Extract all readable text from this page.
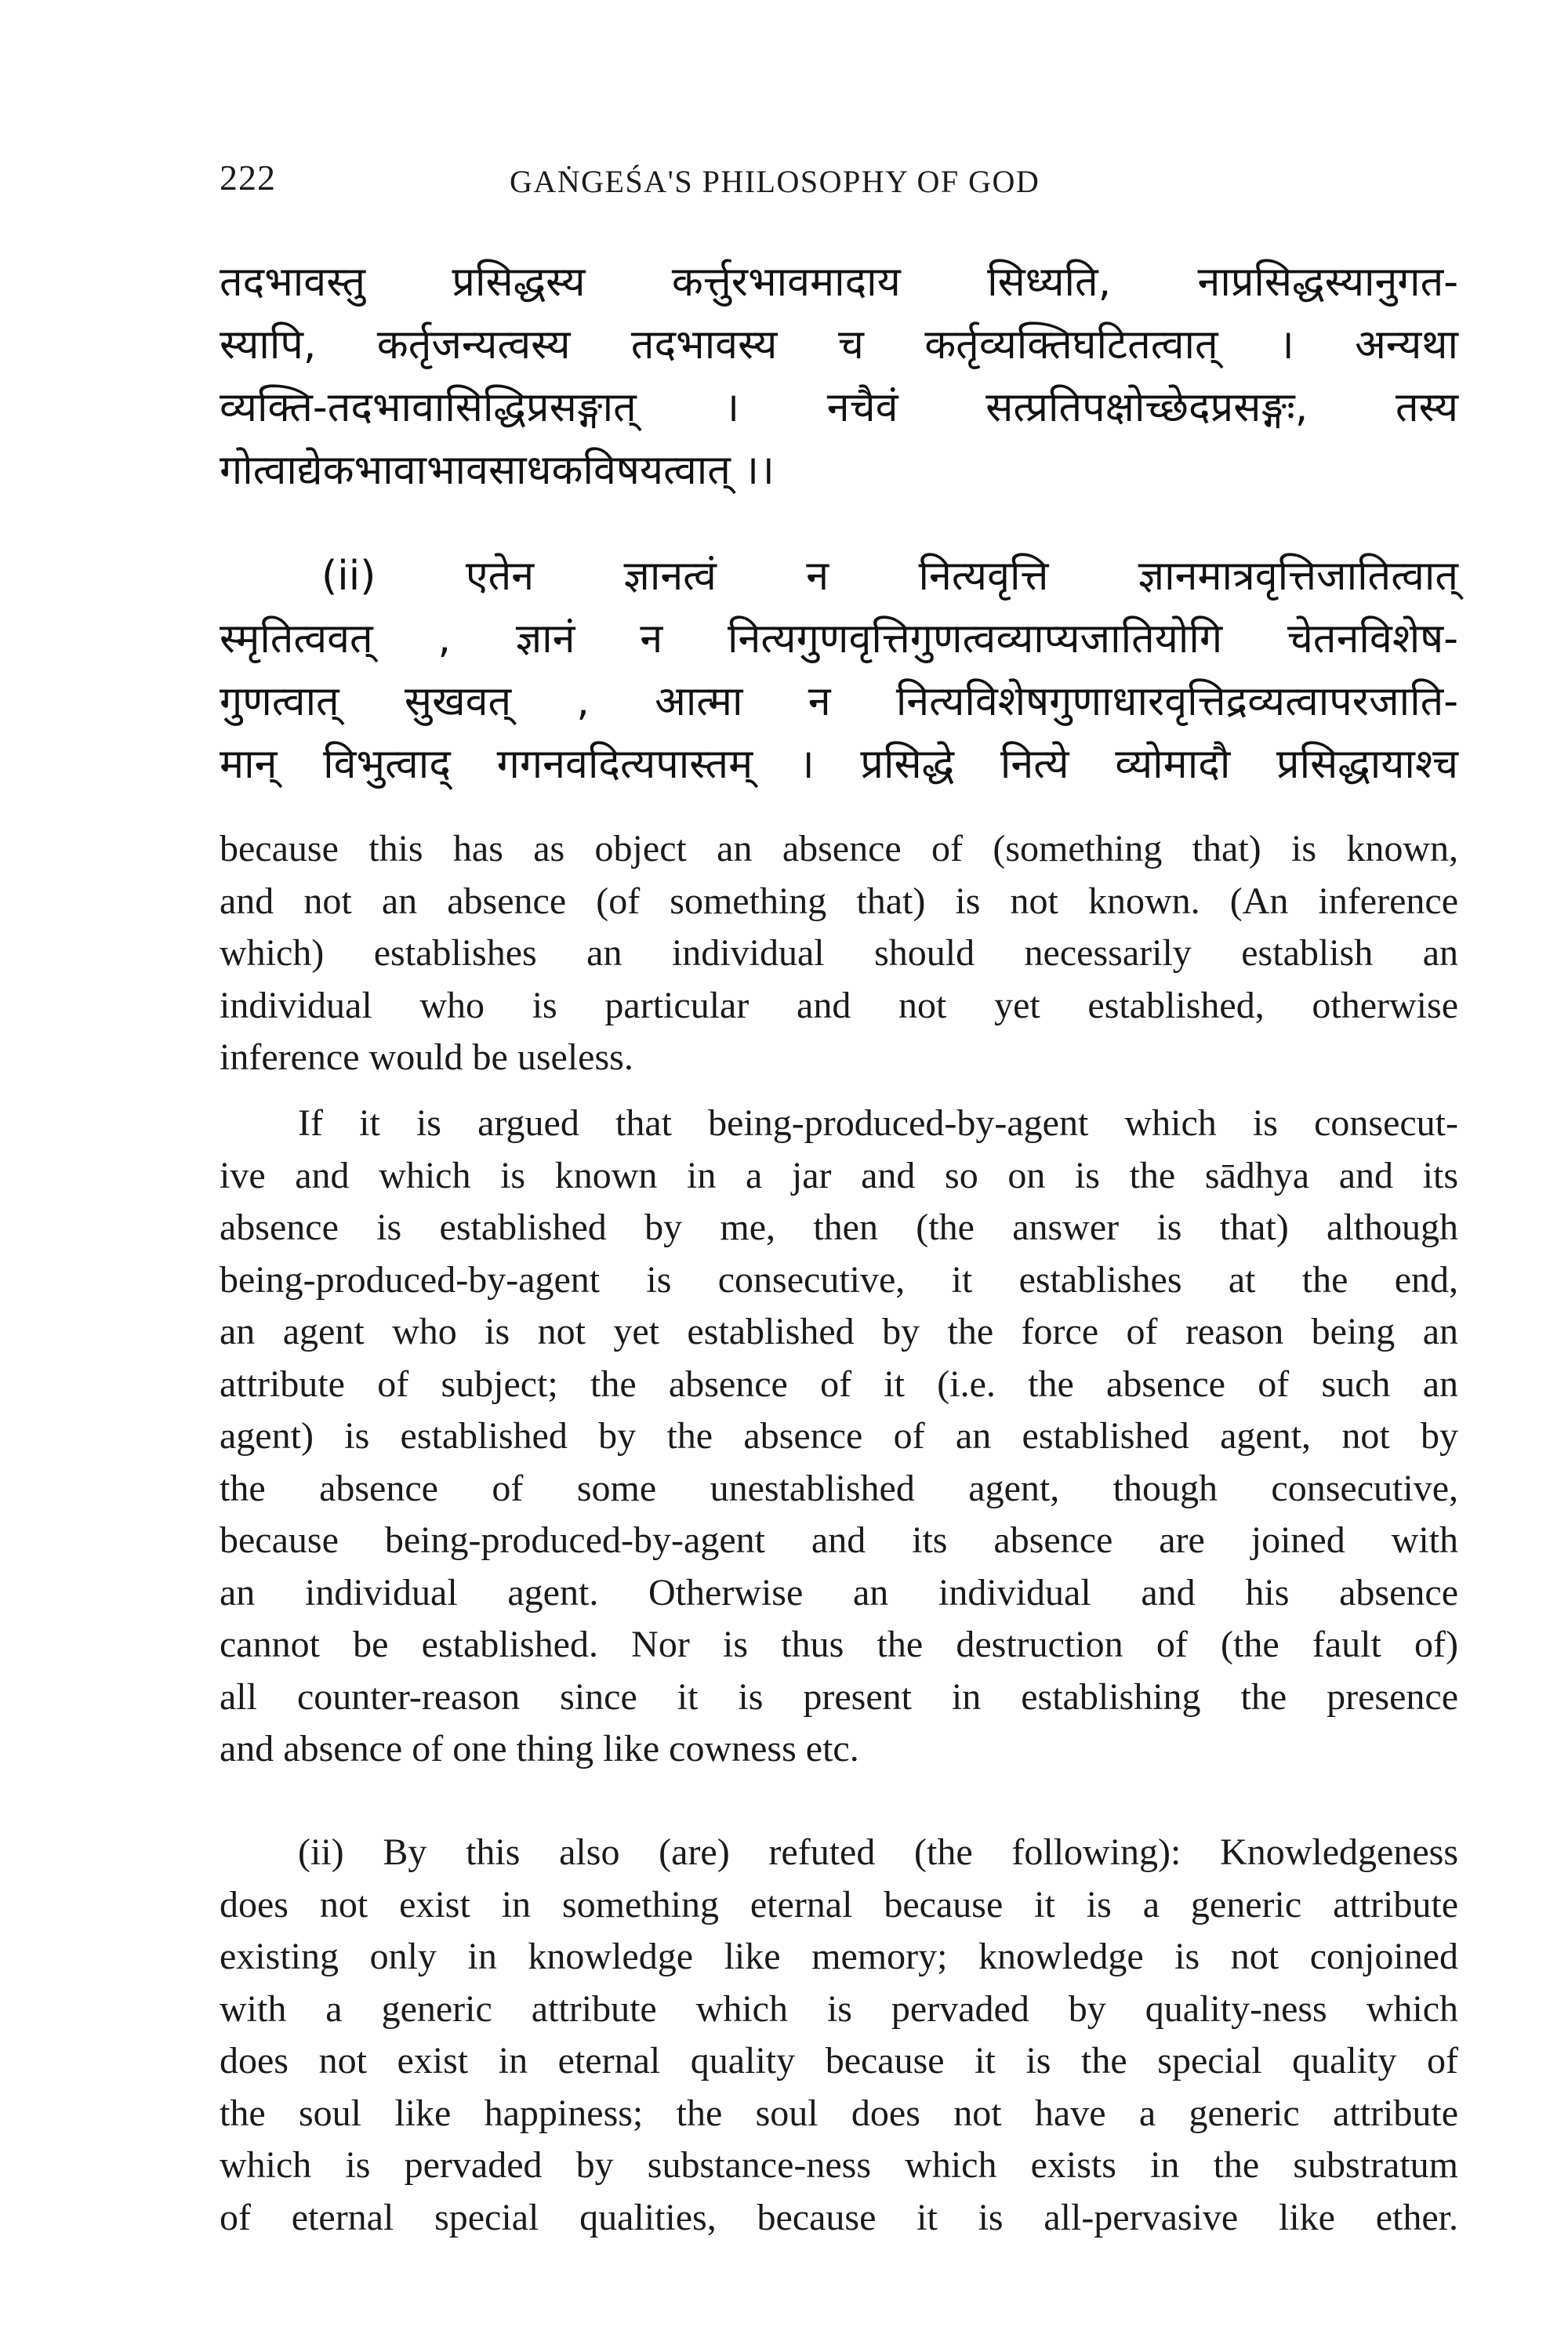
222	GAṄGEŚA'S PHILOSOPHY OF GOD
तदभावस्तु प्रसिद्धस्य कर्त्तुरभावमादाय सिध्यति, नाप्रसिद्धस्यानुगत-
स्यापि, कर्तृजन्यत्वस्य तदभावस्य च कर्तृव्यक्तिघटितत्वात् । अन्यथा
व्यक्ति-तदभावासिद्धिप्रसङ्गात् । नचैवं सत्प्रतिपक्षोच्छेदप्रसङ्गः, तस्य
गोत्वाद्येकभावाभावसाधकविषयत्वात् ।।
(ii) एतेन ज्ञानत्वं न नित्यवृत्ति ज्ञानमात्रवृत्तिजातित्वात्
स्मृतित्ववत् , ज्ञानं न नित्यगुणवृत्तिगुणत्वव्याप्यजातियोगि चेतनविशेष-
गुणत्वात् सुखवत् , आत्मा न नित्यविशेषगुणाधारवृत्तिद्रव्यत्वापरजाति-
मान् विभुत्वाद् गगनवदित्यपास्तम् । प्रसिद्धे नित्ये व्योमादौ प्रसिद्धायाश्च
because this has as object an absence of (something that) is known,
and not an absence (of something that) is not known. (An inference
which) establishes an individual should necessarily establish an
individual who is particular and not yet established, otherwise
inference would be useless.
If it is argued that being-produced-by-agent which is consecut-
ive and which is known in a jar and so on is the sādhya and its
absence is established by me, then (the answer is that) although
being-produced-by-agent is consecutive, it establishes at the end,
an agent who is not yet established by the force of reason being an
attribute of subject; the absence of it (i.e. the absence of such an
agent) is established by the absence of an established agent, not by
the absence of some unestablished agent, though consecutive,
because being-produced-by-agent and its absence are joined with
an individual agent. Otherwise an individual and his absence
cannot be established. Nor is thus the destruction of (the fault of)
all counter-reason since it is present in establishing the presence
and absence of one thing like cowness etc.
(ii) By this also (are) refuted (the following): Knowledgeness
does not exist in something eternal because it is a generic attribute
existing only in knowledge like memory; knowledge is not conjoined
with a generic attribute which is pervaded by quality-ness which
does not exist in eternal quality because it is the special quality of
the soul like happiness; the soul does not have a generic attribute
which is pervaded by substance-ness which exists in the substratum
of eternal special qualities, because it is all-pervasive like ether.
